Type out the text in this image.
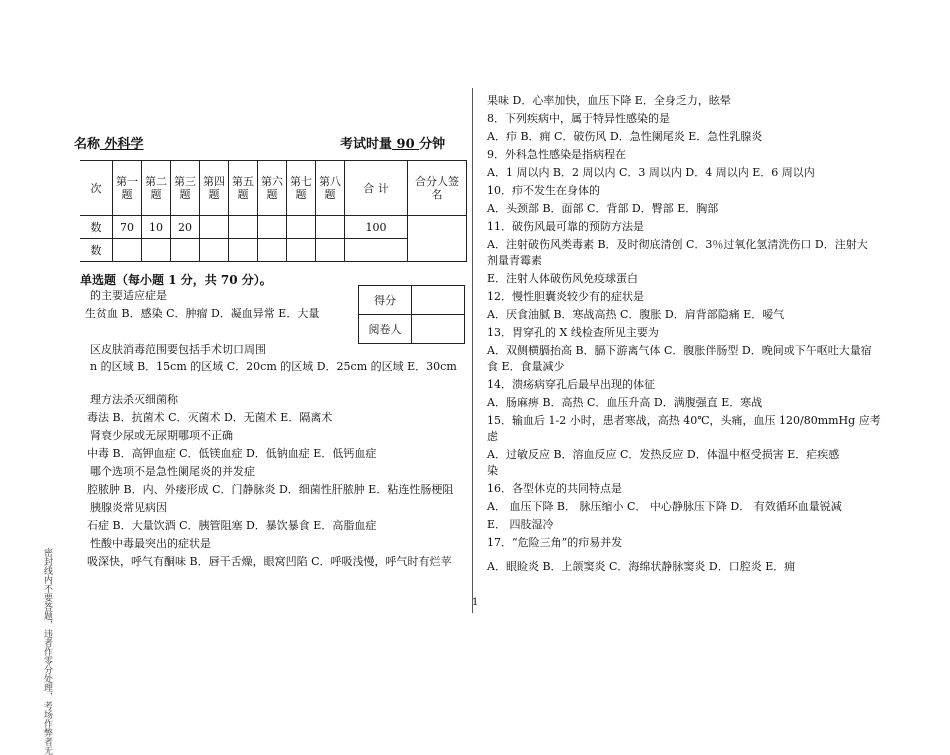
名称 外科学	考试时量 90 分钟
次	第一题	第二题	第三题	第四题	第五题	第六题	第七题	第八题	合 计	合分人签 名
数	70	10	20						100	
数										
单选题（每小题 1 分，共 70 分）。
得分	
阅卷人	
的主要适应症是
生贫血 B．感染 C．肿瘤 D．凝血异常 E．大量
区皮肤消毒范围要包括手术切口周围
n 的区域 B．15cm 的区域 C．20cm 的区域 D．25cm 的区域 E．30cm
理方法杀灭细菌称
毒法 B．抗菌术 C．灭菌术 D．无菌术 E．隔离术
肾衰少尿或无尿期哪项不正确
中毒 B．高钾血症 C．低镁血症 D．低钠血症 E．低钙血症
哪个选项不是急性阑尾炎的并发症
腔脓肿 B．内、外瘘形成 C．门静脉炎 D．细菌性肝脓肿 E．粘连性肠梗阻
胰腺炎常见病因
石症 B．大量饮酒 C．胰管阻塞 D．暴饮暴食 E．高脂血症
性酸中毒最突出的症状是
吸深快，呼气有酮味 B．唇干舌燥，眼窝凹陷 C．呼吸浅慢，呼气时有烂苹
密封线内不要答题，违者作零分处理，考场作弊者无
果味 D．心率加快，血压下降 E．全身乏力，眩晕
8．下列疾病中，属于特异性感染的是
A．疖 B．痈 C．破伤风 D．急性阑尾炎 E．急性乳腺炎
9．外科急性感染是指病程在
A．1 周以内 B．2 周以内 C．3 周以内 D．4 周以内 E．6 周以内
10．疖不发生在身体的
A．头颈部 B．面部 C．背部 D．臀部 E．胸部
11．破伤风最可靠的预防方法是
A．注射破伤风类毒素 B．及时彻底清创 C．3％过氧化氢清洗伤口 D．注射大
剂量青霉素
E．注射人体破伤风免疫球蛋白
12．慢性胆囊炎较少有的症状是
A．厌食油腻 B．寒战高热 C．腹胀 D．肩背部隐痛 E．嗳气
13．胃穿孔的 X 线检查所见主要为
A．双侧横膈抬高 B．膈下游离气体 C．腹胀伴肠型 D．晚间或下午呕吐大量宿
食 E．食量减少
14．溃疡病穿孔后最早出现的体征
A．肠麻痹 B．高热 C．血压升高 D．满腹强直 E．寒战
15．输血后 1-2 小时，患者寒战，高热 40℃，头痛，血压 120/80mmHg 应考
虑
A．过敏反应 B．溶血反应 C．发热反应 D．体温中枢受损害 E．疟疾感
染
16．各型休克的共同特点是
A． 血压下降 B． 脉压缩小 C． 中心静脉压下降 D． 有效循环血量锐减
E． 四肢湿冷
17．“危险三角”的疖易并发
A．眼睑炎 B．上颌窦炎 C．海绵状静脉窦炎 D．口腔炎 E．痈
1
